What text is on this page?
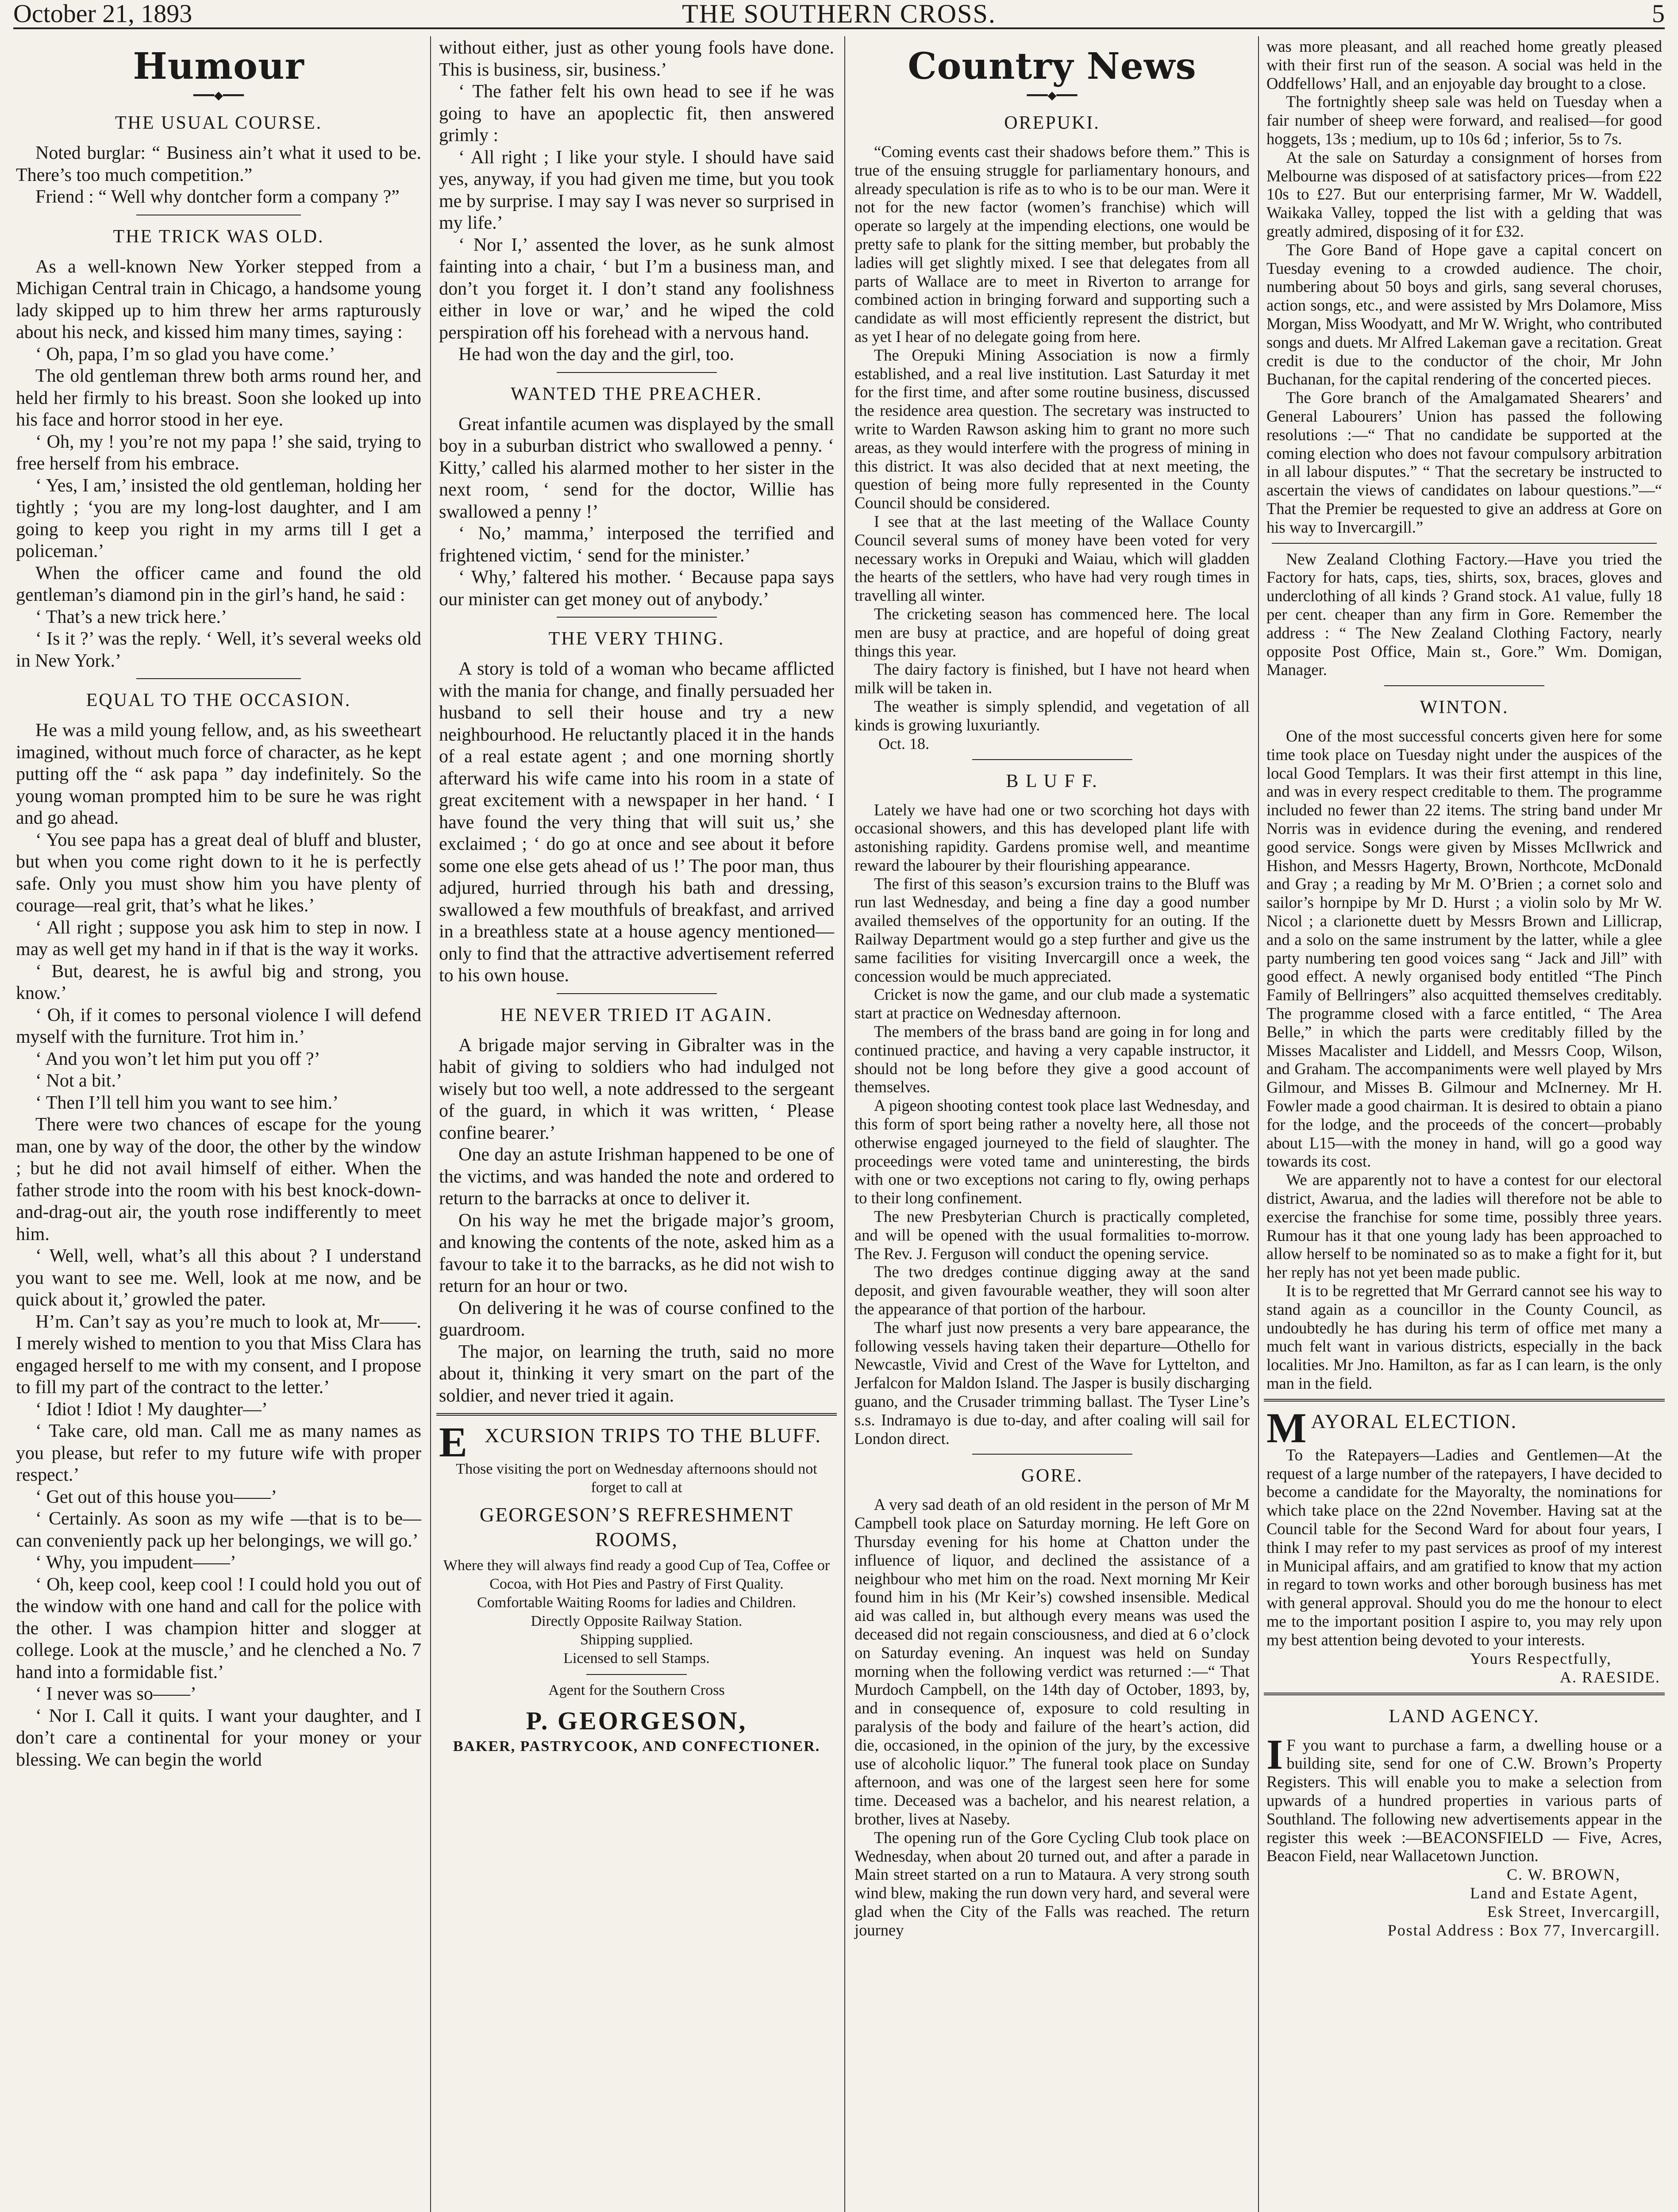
THE SOUTHERN CROSS.
October 21, 1893	5
Humour
━━━◆━━━
THE USUAL COURSE.

Noted burglar: “ Business ain’t what it used to be. There’s too much competition.”

Friend : “ Well why dontcher form a company ?”

THE TRICK WAS OLD.

As a well-known New Yorker stepped from a Michigan Central train in Chicago, a handsome young lady skipped up to him threw her arms rapturously about his neck, and kissed him many times, saying :

‘ Oh, papa, I’m so glad you have come.’

The old gentleman threw both arms round her, and held her firmly to his breast. Soon she looked up into his face and horror stood in her eye.

‘ Oh, my ! you’re not my papa !’ she said, trying to free herself from his embrace.

‘ Yes, I am,’ insisted the old gentleman, holding her tightly ; ‘you are my long-lost daughter, and I am going to keep you right in my arms till I get a policeman.’

When the officer came and found the old gentleman’s diamond pin in the girl’s hand, he said :

‘ That’s a new trick here.’

‘ Is it ?’ was the reply. ‘ Well, it’s several weeks old in New York.’

EQUAL TO THE OCCASION.

He was a mild young fellow, and, as his sweetheart imagined, without much force of character, as he kept putting off the “ ask papa ” day indefinitely. So the young woman prompted him to be sure he was right and go ahead.

‘ You see papa has a great deal of bluff and bluster, but when you come right down to it he is perfectly safe. Only you must show him you have plenty of courage—real grit, that’s what he likes.’

‘ All right ; suppose you ask him to step in now. I may as well get my hand in if that is the way it works.

‘ But, dearest, he is awful big and strong, you know.’

‘ Oh, if it comes to personal violence I will defend myself with the furniture. Trot him in.’

‘ And you won’t let him put you off ?’

‘ Not a bit.’

‘ Then I’ll tell him you want to see him.’

There were two chances of escape for the young man, one by way of the door, the other by the window ; but he did not avail himself of either. When the father strode into the room with his best knock-down-and-drag-out air, the youth rose indifferently to meet him.

‘ Well, well, what’s all this about ? I understand you want to see me. Well, look at me now, and be quick about it,’ growled the pater.

H’m. Can’t say as you’re much to look at, Mr——. I merely wished to mention to you that Miss Clara has engaged herself to me with my consent, and I propose to fill my part of the contract to the letter.’

‘ Idiot ! Idiot ! My daughter—’

‘ Take care, old man. Call me as many names as you please, but refer to my future wife with proper respect.’

‘ Get out of this house you——’

‘ Certainly. As soon as my wife —that is to be—can conveniently pack up her belongings, we will go.’

‘ Why, you impudent——’

‘ Oh, keep cool, keep cool ! I could hold you out of the window with one hand and call for the police with the other. I was champion hitter and slogger at college. Look at the muscle,’ and he clenched a No. 7 hand into a formidable fist.’

‘ I never was so——’

‘ Nor I. Call it quits. I want your daughter, and I don’t care a continental for your money or your blessing. We can begin the world

without either, just as other young fools have done. This is business, sir, business.’

‘ The father felt his own head to see if he was going to have an apoplectic fit, then answered grimly :

‘ All right ; I like your style. I should have said yes, anyway, if you had given me time, but you took me by surprise. I may say I was never so surprised in my life.’

‘ Nor I,’ assented the lover, as he sunk almost fainting into a chair, ‘ but I’m a business man, and don’t you forget it. I don’t stand any foolishness either in love or war,’ and he wiped the cold perspiration off his forehead with a nervous hand.

He had won the day and the girl, too.

WANTED THE PREACHER.

Great infantile acumen was displayed by the small boy in a suburban district who swallowed a penny. ‘ Kitty,’ called his alarmed mother to her sister in the next room, ‘ send for the doctor, Willie has swallowed a penny !’

‘ No,’ mamma,’ interposed the terrified and frightened victim, ‘ send for the minister.’

‘ Why,’ faltered his mother. ‘ Because papa says our minister can get money out of anybody.’

THE VERY THING.

A story is told of a woman who became afflicted with the mania for change, and finally persuaded her husband to sell their house and try a new neighbourhood. He reluctantly placed it in the hands of a real estate agent ; and one morning shortly afterward his wife came into his room in a state of great excitement with a newspaper in her hand. ‘ I have found the very thing that will suit us,’ she exclaimed ; ‘ do go at once and see about it before some one else gets ahead of us !’ The poor man, thus adjured, hurried through his bath and dressing, swallowed a few mouthfuls of breakfast, and arrived in a breathless state at a house agency mentioned—only to find that the attractive advertisement referred to his own house.

HE NEVER TRIED IT AGAIN.

A brigade major serving in Gibralter was in the habit of giving to soldiers who had indulged not wisely but too well, a note addressed to the sergeant of the guard, in which it was written, ‘ Please confine bearer.’

One day an astute Irishman happened to be one of the victims, and was handed the note and ordered to return to the barracks at once to deliver it.

On his way he met the brigade major’s groom, and knowing the contents of the note, asked him as a favour to take it to the barracks, as he did not wish to return for an hour or two.

On delivering it he was of course confined to the guardroom.

The major, on learning the truth, said no more about it, thinking it very smart on the part of the soldier, and never tried it again.

EXCURSION TRIPS TO THE BLUFF.

Those visiting the port on Wednesday afternoons should not forget to call at

GEORGESON’S REFRESHMENT ROOMS,

Where they will always find ready a good Cup of Tea, Coffee or Cocoa, with Hot Pies and Pastry of First Quality.

Comfortable Waiting Rooms for ladies and Children.

Directly Opposite Railway Station.

Shipping supplied.

Licensed to sell Stamps.

Agent for the Southern Cross

P. GEORGESON,

BAKER, PASTRYCOOK, AND CONFECTIONER.

Country News
━━━◆━━━
OREPUKI.

“Coming events cast their shadows before them.” This is true of the ensuing struggle for parliamentary honours, and already speculation is rife as to who is to be our man. Were it not for the new factor (women’s franchise) which will operate so largely at the impending elections, one would be pretty safe to plank for the sitting member, but probably the ladies will get slightly mixed. I see that delegates from all parts of Wallace are to meet in Riverton to arrange for combined action in bringing forward and supporting such a candidate as will most efficiently represent the district, but as yet I hear of no delegate going from here.

The Orepuki Mining Association is now a firmly established, and a real live institution. Last Saturday it met for the first time, and after some routine business, discussed the residence area question. The secretary was instructed to write to Warden Rawson asking him to grant no more such areas, as they would interfere with the progress of mining in this district. It was also decided that at next meeting, the question of being more fully represented in the County Council should be considered.

I see that at the last meeting of the Wallace County Council several sums of money have been voted for very necessary works in Orepuki and Waiau, which will gladden the hearts of the settlers, who have had very rough times in travelling all winter.

The cricketing season has commenced here. The local men are busy at practice, and are hopeful of doing great things this year.

The dairy factory is finished, but I have not heard when milk will be taken in.

The weather is simply splendid, and vegetation of all kinds is growing luxuriantly.

Oct. 18.
B L U F F.

Lately we have had one or two scorching hot days with occasional showers, and this has developed plant life with astonishing rapidity. Gardens promise well, and meantime reward the labourer by their flourishing appearance.

The first of this season’s excursion trains to the Bluff was run last Wednesday, and being a fine day a good number availed themselves of the opportunity for an outing. If the Railway Department would go a step further and give us the same facilities for visiting Invercargill once a week, the concession would be much appreciated.

Cricket is now the game, and our club made a systematic start at practice on Wednesday afternoon.

The members of the brass band are going in for long and continued practice, and having a very capable instructor, it should not be long before they give a good account of themselves.

A pigeon shooting contest took place last Wednesday, and this form of sport being rather a novelty here, all those not otherwise engaged journeyed to the field of slaughter. The proceedings were voted tame and uninteresting, the birds with one or two exceptions not caring to fly, owing perhaps to their long confinement.

The new Presbyterian Church is practically completed, and will be opened with the usual formalities to-morrow. The Rev. J. Ferguson will conduct the opening service.

The two dredges continue digging away at the sand deposit, and given favourable weather, they will soon alter the appearance of that portion of the harbour.

The wharf just now presents a very bare appearance, the following vessels having taken their departure—Othello for Newcastle, Vivid and Crest of the Wave for Lyttelton, and Jerfalcon for Maldon Island. The Jasper is busily discharging guano, and the Crusader trimming ballast. The Tyser Line’s s.s. Indramayo is due to-day, and after coaling will sail for London direct.

GORE.

A very sad death of an old resident in the person of Mr M Campbell took place on Saturday morning. He left Gore on Thursday evening for his home at Chatton under the influence of liquor, and declined the assistance of a neighbour who met him on the road. Next morning Mr Keir found him in his (Mr Keir’s) cowshed insensible. Medical aid was called in, but although every means was used the deceased did not regain consciousness, and died at 6 o’clock on Saturday evening. An inquest was held on Sunday morning when the following verdict was returned :—“ That Murdoch Campbell, on the 14th day of October, 1893, by, and in consequence of, exposure to cold resulting in paralysis of the body and failure of the heart’s action, did die, occasioned, in the opinion of the jury, by the excessive use of alcoholic liquor.” The funeral took place on Sunday afternoon, and was one of the largest seen here for some time. Deceased was a bachelor, and his nearest relation, a brother, lives at Naseby.

The opening run of the Gore Cycling Club took place on Wednesday, when about 20 turned out, and after a parade in Main street started on a run to Mataura. A very strong south wind blew, making the run down very hard, and several were glad when the City of the Falls was reached. The return journey

was more pleasant, and all reached home greatly pleased with their first run of the season. A social was held in the Oddfellows’ Hall, and an enjoyable day brought to a close.

The fortnightly sheep sale was held on Tuesday when a fair number of sheep were forward, and realised—for good hoggets, 13s ; medium, up to 10s 6d ; inferior, 5s to 7s.

At the sale on Saturday a consignment of horses from Melbourne was disposed of at satisfactory prices—from £22 10s to £27. But our enterprising farmer, Mr W. Waddell, Waikaka Valley, topped the list with a gelding that was greatly admired, disposing of it for £32.

The Gore Band of Hope gave a capital concert on Tuesday evening to a crowded audience. The choir, numbering about 50 boys and girls, sang several choruses, action songs, etc., and were assisted by Mrs Dolamore, Miss Morgan, Miss Woodyatt, and Mr W. Wright, who contributed songs and duets. Mr Alfred Lakeman gave a recitation. Great credit is due to the conductor of the choir, Mr John Buchanan, for the capital rendering of the concerted pieces.

The Gore branch of the Amalgamated Shearers’ and General Labourers’ Union has passed the following resolutions :—“ That no candidate be supported at the coming election who does not favour compulsory arbitration in all labour disputes.” “ That the secretary be instructed to ascertain the views of candidates on labour questions.”—“ That the Premier be requested to give an address at Gore on his way to Invercargill.”

New Zealand Clothing Factory.—Have you tried the Factory for hats, caps, ties, shirts, sox, braces, gloves and underclothing of all kinds ? Grand stock. A1 value, fully 18 per cent. cheaper than any firm in Gore. Remember the address : “ The New Zealand Clothing Factory, nearly opposite Post Office, Main st., Gore.” Wm. Domigan, Manager.

WINTON.

One of the most successful concerts given here for some time took place on Tuesday night under the auspices of the local Good Templars. It was their first attempt in this line, and was in every respect creditable to them. The programme included no fewer than 22 items. The string band under Mr Norris was in evidence during the evening, and rendered good service. Songs were given by Misses McIlwrick and Hishon, and Messrs Hagerty, Brown, Northcote, McDonald and Gray ; a reading by Mr M. O’Brien ; a cornet solo and sailor’s hornpipe by Mr D. Hurst ; a violin solo by Mr W. Nicol ; a clarionette duett by Messrs Brown and Lillicrap, and a solo on the same instrument by the latter, while a glee party numbering ten good voices sang “ Jack and Jill” with good effect. A newly organised body entitled “The Pinch Family of Bellringers” also acquitted themselves creditably. The programme closed with a farce entitled, “ The Area Belle,” in which the parts were creditably filled by the Misses Macalister and Liddell, and Messrs Coop, Wilson, and Graham. The accompaniments were well played by Mrs Gilmour, and Misses B. Gilmour and McInerney. Mr H. Fowler made a good chairman. It is desired to obtain a piano for the lodge, and the proceeds of the concert—probably about L15—with the money in hand, will go a good way towards its cost.

We are apparently not to have a contest for our electoral district, Awarua, and the ladies will therefore not be able to exercise the franchise for some time, possibly three years. Rumour has it that one young lady has been approached to allow herself to be nominated so as to make a fight for it, but her reply has not yet been made public.

It is to be regretted that Mr Gerrard cannot see his way to stand again as a councillor in the County Council, as undoubtedly he has during his term of office met many a much felt want in various districts, especially in the back localities. Mr Jno. Hamilton, as far as I can learn, is the only man in the field.

MAYORAL ELECTION.

To the Ratepayers—Ladies and Gentlemen—At the request of a large number of the ratepayers, I have decided to become a candidate for the Mayoralty, the nominations for which take place on the 22nd November. Having sat at the Council table for the Second Ward for about four years, I think I may refer to my past services as proof of my interest in Municipal affairs, and am gratified to know that my action in regard to town works and other borough business has met with general approval. Should you do me the honour to elect me to the important position I aspire to, you may rely upon my best attention being devoted to your interests.

Yours Respectfully,
A. RAESIDE.
LAND AGENCY.

I F you want to purchase a farm, a dwelling house or a building site, send for one of C.W. Brown’s Property Registers. This will enable you to make a selection from upwards of a hundred properties in various parts of Southland. The following new advertisements appear in the register this week :—BEACONSFIELD — Five, Acres, Beacon Field, near Wallacetown Junction.

C. W. BROWN,
Land and Estate Agent,
Esk Street, Invercargill,
Postal Address : Box 77, Invercargill.
